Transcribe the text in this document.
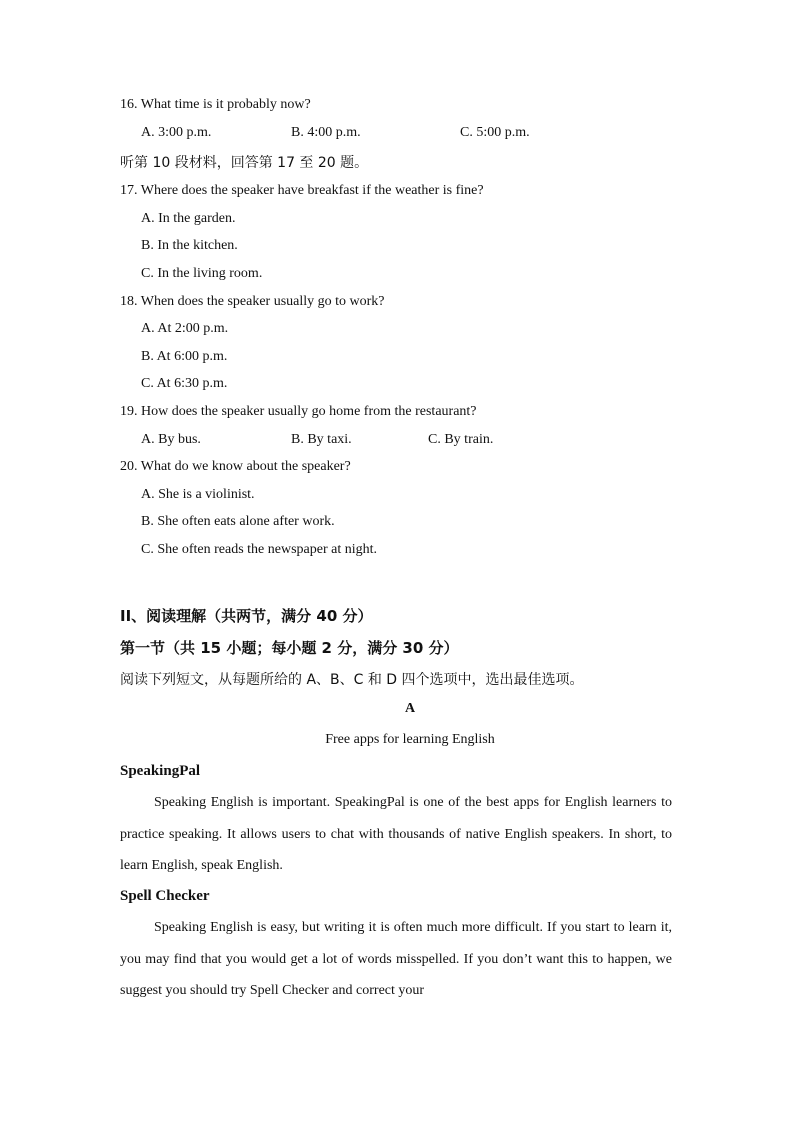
16. What time is it probably now?
A. 3:00 p.m.	B. 4:00 p.m.	C. 5:00 p.m.
听第 10 段材料，回答第 17 至 20 题。
17. Where does the speaker have breakfast if the weather is fine?
A. In the garden.
B. In the kitchen.
C. In the living room.
18. When does the speaker usually go to work?
A. At 2:00 p.m.
B. At 6:00 p.m.
C. At 6:30 p.m.
19. How does the speaker usually go home from the restaurant?
A. By bus.	B. By taxi.	C. By train.
20. What do we know about the speaker?
A. She is a violinist.
B. She often eats alone after work.
C. She often reads the newspaper at night.
II、阅读理解（共两节，满分 40 分）
第一节（共 15 小题；每小题 2 分，满分 30 分）
阅读下列短文，从每题所给的 A、B、C 和 D 四个选项中，选出最佳选项。
A
Free apps for learning English
SpeakingPal
Speaking English is important. SpeakingPal is one of the best apps for English learners to practice speaking. It allows users to chat with thousands of native English speakers. In short, to learn English, speak English.
Spell Checker
Speaking English is easy, but writing it is often much more difficult. If you start to learn it, you may find that you would get a lot of words misspelled. If you don’t want this to happen, we suggest you should try Spell Checker and correct your
